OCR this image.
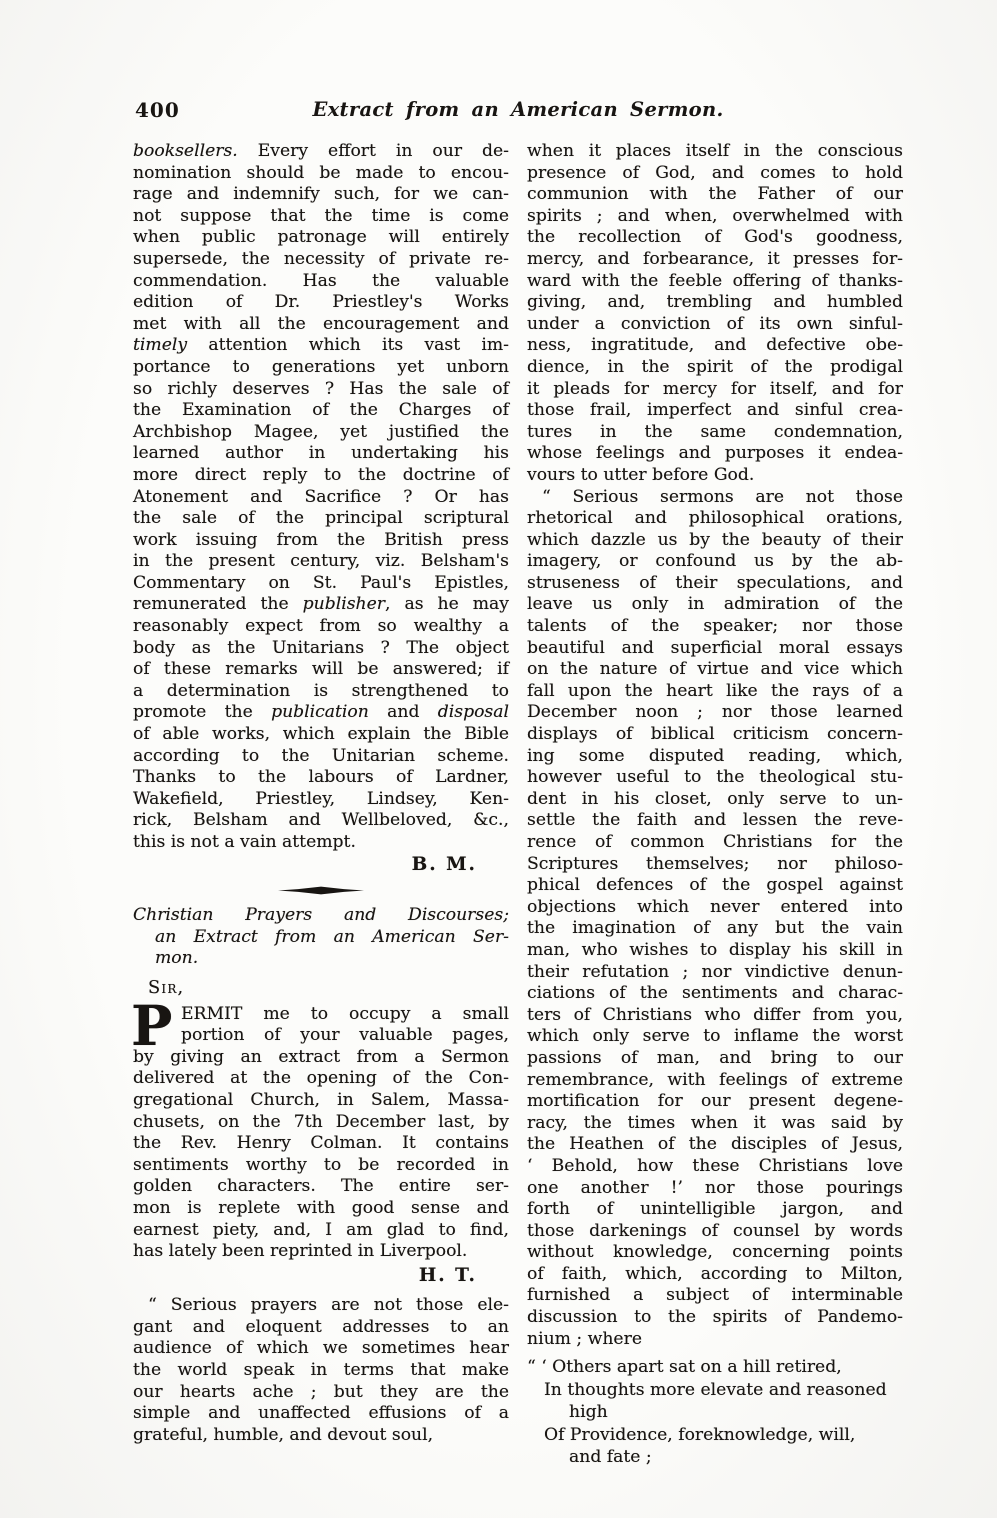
400	Extract from an American Sermon.
booksellers. Every effort in our de-
nomination should be made to encou-
rage and indemnify such, for we can-
not suppose that the time is come
when public patronage will entirely
supersede, the necessity of private re-
commendation. Has the valuable
edition of Dr. Priestley's Works
met with all the encouragement and
timely attention which its vast im-
portance to generations yet unborn
so richly deserves ? Has the sale of
the Examination of the Charges of
Archbishop Magee, yet justified the
learned author in undertaking his
more direct reply to the doctrine of
Atonement and Sacrifice ? Or has
the sale of the principal scriptural
work issuing from the British press
in the present century, viz. Belsham's
Commentary on St. Paul's Epistles,
remunerated the publisher, as he may
reasonably expect from so wealthy a
body as the Unitarians ? The object
of these remarks will be answered; if
a determination is strengthened to
promote the publication and disposal
of able works, which explain the Bible
according to the Unitarian scheme.
Thanks to the labours of Lardner,
Wakefield, Priestley, Lindsey, Ken-
rick, Belsham and Wellbeloved, &c.,
this is not a vain attempt.
B. M.
Christian Prayers and Discourses;
an Extract from an American Ser-
mon.
Sir,
P ERMIT me to occupy a small
portion of your valuable pages,
by giving an extract from a Sermon
delivered at the opening of the Con-
gregational Church, in Salem, Massa-
chusets, on the 7th December last, by
the Rev. Henry Colman. It contains
sentiments worthy to be recorded in
golden characters. The entire ser-
mon is replete with good sense and
earnest piety, and, I am glad to find,
has lately been reprinted in Liverpool.
H. T.
“ Serious prayers are not those ele-
gant and eloquent addresses to an
audience of which we sometimes hear
the world speak in terms that make
our hearts ache ; but they are the
simple and unaffected effusions of a
grateful, humble, and devout soul,
when it places itself in the conscious
presence of God, and comes to hold
communion with the Father of our
spirits ; and when, overwhelmed with
the recollection of God's goodness,
mercy, and forbearance, it presses for-
ward with the feeble offering of thanks-
giving, and, trembling and humbled
under a conviction of its own sinful-
ness, ingratitude, and defective obe-
dience, in the spirit of the prodigal
it pleads for mercy for itself, and for
those frail, imperfect and sinful crea-
tures in the same condemnation,
whose feelings and purposes it endea-
vours to utter before God.
“ Serious sermons are not those
rhetorical and philosophical orations,
which dazzle us by the beauty of their
imagery, or confound us by the ab-
struseness of their speculations, and
leave us only in admiration of the
talents of the speaker; nor those
beautiful and superficial moral essays
on the nature of virtue and vice which
fall upon the heart like the rays of a
December noon ; nor those learned
displays of biblical criticism concern-
ing some disputed reading, which,
however useful to the theological stu-
dent in his closet, only serve to un-
settle the faith and lessen the reve-
rence of common Christians for the
Scriptures themselves; nor philoso-
phical defences of the gospel against
objections which never entered into
the imagination of any but the vain
man, who wishes to display his skill in
their refutation ; nor vindictive denun-
ciations of the sentiments and charac-
ters of Christians who differ from you,
which only serve to inflame the worst
passions of man, and bring to our
remembrance, with feelings of extreme
mortification for our present degene-
racy, the times when it was said by
the Heathen of the disciples of Jesus,
‘ Behold, how these Christians love
one another !’ nor those pourings
forth of unintelligible jargon, and
those darkenings of counsel by words
without knowledge, concerning points
of faith, which, according to Milton,
furnished a subject of interminable
discussion to the spirits of Pandemo-
nium ; where
“ ‘ Others apart sat on a hill retired,
In thoughts more elevate and reasoned
high
Of Providence, foreknowledge, will,
and fate ;
